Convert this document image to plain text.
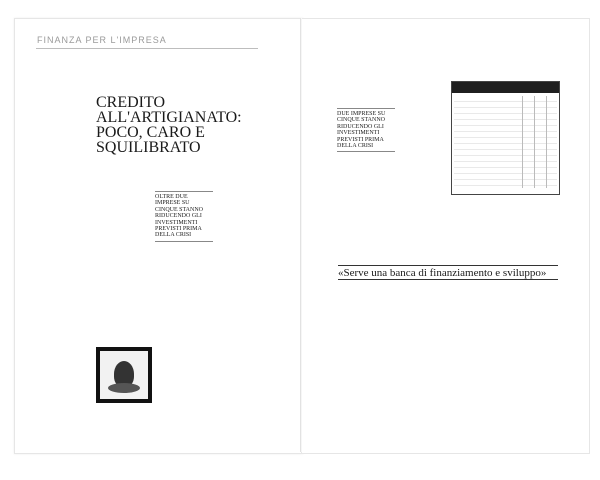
FINANZA PER L'IMPRESA
CREDITO ALL'ARTIGIANATO: POCO, CARO E SQUILIBRATO
OLTRE DUE IMPRESE SU CINQUE STANNO RIDUCENDO GLI INVESTIMENTI PREVISTI PRIMA DELLA CRISI
DUE IMPRESE SU CINQUE STANNO RIDUCENDO GLI INVESTIMENTI PREVISTI PRIMA DELLA CRISI
«Serve una banca di finanziamento e sviluppo»
